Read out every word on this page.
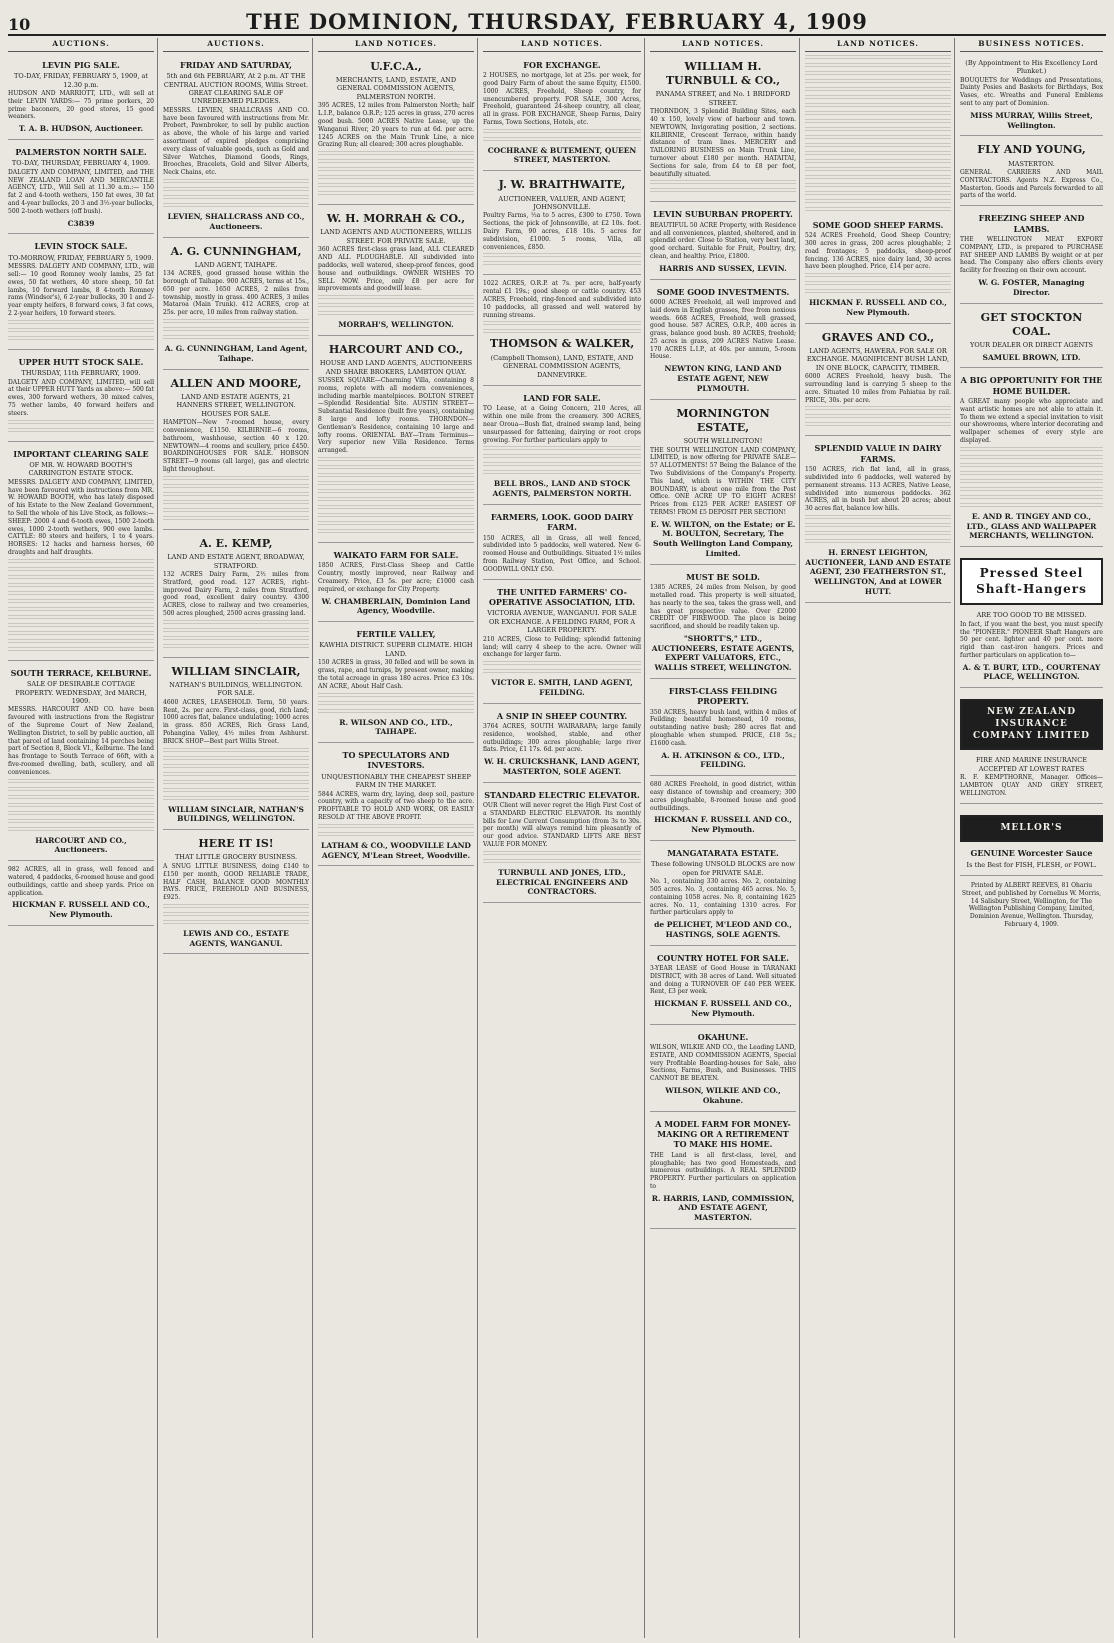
10	THE DOMINION, THURSDAY, FEBRUARY 4, 1909
AUCTIONS.
LEVIN PIG SALE.
TO-DAY, FRIDAY, FEBRUARY 5, 1909, at 12.30 p.m.
HUDSON AND MARRIOTT, LTD., will sell at their LEVIN YARDS:— 75 prime porkers, 20 prime baconers, 20 good stores, 15 good weaners.
T. A. B. HUDSON, Auctioneer.
PALMERSTON NORTH SALE.
TO-DAY, THURSDAY, FEBRUARY 4, 1909.
DALGETY AND COMPANY, LIMITED, and THE NEW ZEALAND LOAN AND MERCANTILE AGENCY, LTD., Will Sell at 11.30 a.m.:— 150 fat 2 and 4-tooth wethers, 150 fat ewes, 30 fat and 4-year bullocks, 20 3 and 3½-year bullocks, 500 2-tooth wethers (off bush).
C3839
LEVIN STOCK SALE.
TO-MORROW, FRIDAY, FEBRUARY 5, 1909.
MESSRS. DALGETY AND COMPANY, LTD., will sell:— 10 good Romney wooly lambs, 25 fat ewes, 50 fat wethers, 40 store sheep, 50 fat lambs, 10 forward lambs, 8 4-tooth Romney rams (Windsor's), 6 2-year bullocks, 30 1 and 2-year empty heifers, 8 forward cows, 3 fat cows, 2 2-year heifers, 10 forward steers.
UPPER HUTT STOCK SALE.
THURSDAY, 11th FEBRUARY, 1909.
DALGETY AND COMPANY, LIMITED, will sell at their UPPER HUTT Yards as above:— 500 fat ewes, 300 forward wethers, 30 mixed calves, 75 wether lambs, 40 forward heifers and steers.
IMPORTANT CLEARING SALE
OF MR. W. HOWARD BOOTH'S CARRINGTON ESTATE STOCK.
MESSRS. DALGETY AND COMPANY, LIMITED, have been favoured with instructions from MR. W. HOWARD BOOTH, who has lately disposed of his Estate to the New Zealand Government, to Sell the whole of his Live Stock, as follows:— SHEEP: 2000 4 and 6-tooth ewes, 1500 2-tooth ewes, 1000 2-tooth wethers, 900 ewe lambs. CATTLE: 80 steers and heifers, 1 to 4 years. HORSES: 12 hacks and harness horses, 60 draughts and half draughts.
SOUTH TERRACE, KELBURNE.
SALE OF DESIRABLE COTTAGE PROPERTY. WEDNESDAY, 3rd MARCH, 1909.
MESSRS. HARCOURT AND CO. have been favoured with instructions from the Registrar of the Supreme Court of New Zealand, Wellington District, to sell by public auction, all that parcel of land containing 14 perches being part of Section 8, Block VI., Kelburne. The land has frontage to South Terrace of 66ft, with a five-roomed dwelling, bath, scullery, and all conveniences.
HARCOURT AND CO., Auctioneers.
982 ACRES, all in grass, well fenced and watered, 4 paddocks, 6-roomed house and good outbuildings, cattle and sheep yards. Price on application.
HICKMAN F. RUSSELL AND CO., New Plymouth.
AUCTIONS.
FRIDAY AND SATURDAY,
5th and 6th FEBRUARY, At 2 p.m. AT THE CENTRAL AUCTION ROOMS, Willis Street. GREAT CLEARING SALE OF UNREDEEMED PLEDGES.
MESSRS. LEVIEN, SHALLCRASS AND CO. have been favoured with instructions from Mr. Probert, Pawnbroker, to sell by public auction as above, the whole of his large and varied assortment of expired pledges comprising every class of valuable goods, such as Gold and Silver Watches, Diamond Goods, Rings, Brooches, Bracelets, Gold and Silver Alberts, Neck Chains, etc.
LEVIEN, SHALLCRASS AND CO., Auctioneers.
A. G. CUNNINGHAM,
LAND AGENT, TAIHAPE.
134 ACRES, good grassed house within the borough of Taihape. 900 ACRES, terms at 15s., 650 per acre. 1650 ACRES, 2 miles from township, mostly in grass. 400 ACRES, 3 miles Mataroa (Main Trunk). 412 ACRES, crop at 25s. per acre, 10 miles from railway station.
A. G. CUNNINGHAM, Land Agent, Taihape.
ALLEN AND MOORE,
LAND AND ESTATE AGENTS, 21 HANNERS STREET, WELLINGTON. HOUSES FOR SALE.
HAMPTON—New 7-roomed house, every convenience, £1150. KILBIRNIE—6 rooms, bathroom, washhouse, section 40 x 120. NEWTOWN—4 rooms and scullery, price £450. BOARDINGHOUSES FOR SALE. HOBSON STREET—9 rooms (all large), gas and electric light throughout.
A. E. KEMP,
LAND AND ESTATE AGENT, BROADWAY, STRATFORD.
132 ACRES Dairy Farm, 2½ miles from Stratford, good road. 127 ACRES, right-improved Dairy Farm, 2 miles from Stratford, good road, excellent dairy country. 4300 ACRES, close to railway and two creameries, 500 acres ploughed, 2500 acres grassing land.
WILLIAM SINCLAIR,
NATHAN'S BUILDINGS, WELLINGTON. FOR SALE.
4600 ACRES, LEASEHOLD. Term, 50 years. Rent, 2s. per acre. First-class, good, rich land; 1000 acres flat, balance undulating; 1000 acres in grass. 850 ACRES, Rich Grass Land, Pohangina Valley, 4½ miles from Ashhurst. BRICK SHOP—Best part Willis Street.
WILLIAM SINCLAIR, NATHAN'S BUILDINGS, WELLINGTON.
HERE IT IS!
THAT LITTLE GROCERY BUSINESS.
A SNUG LITTLE BUSINESS, doing £140 to £150 per month, GOOD RELIABLE TRADE, HALF CASH, BALANCE GOOD MONTHLY PAYS. PRICE, FREEHOLD AND BUSINESS, £925.
LEWIS AND CO., ESTATE AGENTS, WANGANUI.
LAND NOTICES.
U.F.C.A.,
MERCHANTS, LAND, ESTATE, AND GENERAL COMMISSION AGENTS, PALMERSTON NORTH.
395 ACRES, 12 miles from Palmerston North; half L.I.P., balance O.R.P.; 125 acres in grass, 270 acres good bush. 5000 ACRES Native Lease, up the Wanganui River, 20 years to run at 6d. per acre. 1245 ACRES on the Main Trunk Line, a nice Grazing Run; all cleared; 300 acres ploughable.
W. H. MORRAH & CO.,
LAND AGENTS AND AUCTIONEERS, WILLIS STREET. FOR PRIVATE SALE.
360 ACRES first-class grass land, ALL CLEARED AND ALL PLOUGHABLE. All subdivided into paddocks, well watered, sheep-proof fences, good house and outbuildings. OWNER WISHES TO SELL NOW. Price, only £8 per acre for improvements and goodwill lease.
MORRAH'S, WELLINGTON.
HARCOURT AND CO.,
HOUSE AND LAND AGENTS, AUCTIONEERS AND SHARE BROKERS, LAMBTON QUAY.
SUSSEX SQUARE—Charming Villa, containing 8 rooms, replete with all modern conveniences, including marble mantelpieces. BOLTON STREET—Splendid Residential Site. AUSTIN STREET—Substantial Residence (built five years), containing 8 large and lofty rooms. THORNDON—Gentleman's Residence, containing 10 large and lofty rooms. ORIENTAL BAY—Tram Terminus—Very superior new Villa Residence. Terms arranged.
WAIKATO FARM FOR SALE.
1850 ACRES, First-Class Sheep and Cattle Country, mostly improved, near Railway and Creamery. Price, £3 5s. per acre; £1000 cash required, or exchange for City Property.
W. CHAMBERLAIN, Dominion Land Agency, Woodville.
FERTILE VALLEY,
KAWHIA DISTRICT. SUPERB CLIMATE. HIGH LAND.
150 ACRES in grass, 30 felled and will be sown in grass, rape, and turnips, by present owner, making the total acreage in grass 180 acres. Price £3 10s. AN ACRE, About Half Cash.
R. WILSON AND CO., LTD., TAIHAPE.
TO SPECULATORS AND INVESTORS.
UNQUESTIONABLY THE CHEAPEST SHEEP FARM IN THE MARKET.
5844 ACRES, warm dry, laying, deep soil, pasture country, with a capacity of two sheep to the acre. PROFITABLE TO HOLD AND WORK, OR EASILY RESOLD AT THE ABOVE PROFIT.
LATHAM & CO., WOODVILLE LAND AGENCY, M'Lean Street, Woodville.
LAND NOTICES.
FOR EXCHANGE.
2 HOUSES, no mortgage, let at 25s. per week, for good Dairy Farm of about the same Equity, £1500. 1000 ACRES, Freehold, Sheep country, for unencumbered property. FOR SALE, 300 Acres, Freehold, guaranteed 24-sheep country, all clear, all in grass. FOR EXCHANGE, Sheep Farms, Dairy Farms, Town Sections, Hotels, etc.
COCHRANE & BUTEMENT, QUEEN STREET, MASTERTON.
J. W. BRAITHWAITE,
AUCTIONEER, VALUER, AND AGENT, JOHNSONVILLE.
Poultry Farms, ½a to 5 acres, £300 to £750. Town Sections, the pick of Johnsonville, at £2 10s. foot. Dairy Farm, 90 acres, £18 10s. 5 acres for subdivision, £1000. 5 rooms, Villa, all conveniences, £850.
1022 ACRES, O.R.P. at 7s. per acre, half-yearly rental £1 19s.; good sheep or cattle country. 453 ACRES, Freehold, ring-fenced and subdivided into 10 paddocks, all grassed and well watered by running streams.
THOMSON & WALKER,
(Campbell Thomson), LAND, ESTATE, AND GENERAL COMMISSION AGENTS, DANNEVIRKE.
LAND FOR SALE.
TO Lease, at a Going Concern, 210 Acres, all within one mile from the creamery. 300 ACRES, near Oroua—Bush flat, drained swamp land, being unsurpassed for fattening, dairying or root crops growing. For further particulars apply to
BELL BROS., LAND AND STOCK AGENTS, PALMERSTON NORTH.
FARMERS, LOOK. GOOD DAIRY FARM.
150 ACRES, all in Grass, all well fenced, subdivided into 5 paddocks, well watered. New 6-roomed House and Outbuildings. Situated 1½ miles from Railway Station, Post Office, and School. GOODWILL ONLY £50.
THE UNITED FARMERS' CO-OPERATIVE ASSOCIATION, LTD.
VICTORIA AVENUE, WANGANUI. FOR SALE OR EXCHANGE. A FEILDING FARM, FOR A LARGER PROPERTY.
210 ACRES, Close to Feilding; splendid fattening land; will carry 4 sheep to the acre. Owner will exchange for larger farm.
VICTOR E. SMITH, LAND AGENT, FEILDING.
A SNIP IN SHEEP COUNTRY.
3764 ACRES, SOUTH WAIRARAPA; large family residence, woolshed, stable, and other outbuildings; 300 acres ploughable; large river flats. Price, £1 17s. 6d. per acre.
W. H. CRUICKSHANK, LAND AGENT, MASTERTON, SOLE AGENT.
STANDARD ELECTRIC ELEVATOR.
OUR Client will never regret the High First Cost of a STANDARD ELECTRIC ELEVATOR. Its monthly bills for Low Current Consumption (from 3s to 30s. per month) will always remind him pleasantly of our good advice. STANDARD LIFTS ARE BEST VALUE FOR MONEY.
TURNBULL AND JONES, LTD., ELECTRICAL ENGINEERS AND CONTRACTORS.
LAND NOTICES.
WILLIAM H. TURNBULL & CO.,
PANAMA STREET, and No. 1 BRIDFORD STREET.
THORNDON, 3 Splendid Building Sites, each 40 x 150, lovely view of harbour and town. NEWTOWN, Invigorating position, 2 sections. KILBIRNIE, Crescent Terrace, within handy distance of tram lines. MERCERY and TAILORING BUSINESS on Main Trunk Line, turnover about £180 per month. HATAITAI, Sections for sale, from £4 to £8 per foot, beautifully situated.
LEVIN SUBURBAN PROPERTY.
BEAUTIFUL 50 ACRE Property, with Residence and all conveniences, planted, sheltered, and in splendid order. Close to Station, very best land, good orchard. Suitable for Fruit, Poultry, dry, clean, and healthy. Price, £1800.
HARRIS AND SUSSEX, LEVIN.
SOME GOOD INVESTMENTS.
6000 ACRES Freehold, all well improved and laid down in English grasses, free from noxious weeds. 668 ACRES, Freehold, well grassed, good house. 587 ACRES, O.R.P., 400 acres in grass, balance good bush. 89 ACRES, freehold; 25 acres in grass, 209 ACRES Native Lease. 170 ACRES L.I.P., at 40s. per annum, 5-room House.
NEWTON KING, LAND AND ESTATE AGENT, NEW PLYMOUTH.
MORNINGTON ESTATE,
SOUTH WELLINGTON!
THE SOUTH WELLINGTON LAND COMPANY, LIMITED, is now offering for PRIVATE SALE— 57 ALLOTMENTS! 57 Being the Balance of the Two Subdivisions of the Company's Property. This land, which is WITHIN THE CITY BOUNDARY, is about one mile from the Post Office. ONE ACRE UP TO EIGHT ACRES! Prices from £125 PER ACRE! EASIEST OF TERMS! FROM £5 DEPOSIT PER SECTION!
E. W. WILTON, on the Estate; or E. M. BOULTON, Secretary, The South Wellington Land Company, Limited.
MUST BE SOLD.
1385 ACRES, 24 miles from Nelson, by good metalled road. This property is well situated, has nearly to the sea, takes the grass well, and has great prospective value. Over £2000 CREDIT OF FIREWOOD. The place is being sacrificed, and should be readily taken up.
"SHORTT'S," LTD., AUCTIONEERS, ESTATE AGENTS, EXPERT VALUATORS, ETC., WALLIS STREET, WELLINGTON.
FIRST-CLASS FEILDING PROPERTY.
350 ACRES, heavy bush land, within 4 miles of Feilding; beautiful homestead, 10 rooms, outstanding native bush; 280 acres flat and ploughable when stumped. PRICE, £18 5s.; £1600 cash.
A. H. ATKINSON & CO., LTD., FEILDING.
680 ACRES Freehold, in good district, within easy distance of township and creamery; 300 acres ploughable, 8-roomed house and good outbuildings.
HICKMAN F. RUSSELL AND CO., New Plymouth.
MANGATARATA ESTATE.
These following UNSOLD BLOCKS are now open for PRIVATE SALE.
No. 1, containing 330 acres. No. 2, containing 505 acres. No. 3, containing 465 acres. No. 5, containing 1058 acres. No. 8, containing 1625 acres. No. 11, containing 1310 acres. For further particulars apply to
de PELICHET, M'LEOD AND CO., HASTINGS, SOLE AGENTS.
COUNTRY HOTEL FOR SALE.
3-YEAR LEASE of Good House in TARANAKI DISTRICT, with 38 acres of Land. Well situated and doing a TURNOVER OF £40 PER WEEK. Rent, £3 per week.
HICKMAN F. RUSSELL AND CO., New Plymouth.
OKAHUNE.
WILSON, WILKIE AND CO., the Leading LAND, ESTATE, AND COMMISSION AGENTS, Special very Profitable Boarding-houses for Sale, also Sections, Farms, Bush, and Businesses. THIS CANNOT BE BEATEN.
WILSON, WILKIE AND CO., Okahune.
A MODEL FARM FOR MONEY-MAKING OR A RETIREMENT TO MAKE HIS HOME.
THE Land is all first-class, level, and ploughable; has two good Homesteads, and numerous outbuildings. A REAL SPLENDID PROPERTY. Further particulars on application to
R. HARRIS, LAND, COMMISSION, AND ESTATE AGENT, MASTERTON.
LAND NOTICES.
SOME GOOD SHEEP FARMS.
524 ACRES Freehold, Good Sheep Country; 300 acres in grass, 200 acres ploughable; 2 road frontages; 5 paddocks, sheep-proof fencing. 136 ACRES, nice dairy land, 30 acres have been ploughed. Price, £14 per acre.
HICKMAN F. RUSSELL AND CO., New Plymouth.
GRAVES AND CO.,
LAND AGENTS, HAWERA. FOR SALE OR EXCHANGE. MAGNIFICENT BUSH LAND, IN ONE BLOCK, CAPACITY, TIMBER.
6000 ACRES Freehold, heavy bush. The surrounding land is carrying 5 sheep to the acre. Situated 10 miles from Pahiatua by rail. PRICE, 30s. per acre.
SPLENDID VALUE IN DAIRY FARMS.
150 ACRES, rich flat land, all in grass, subdivided into 6 paddocks, well watered by permanent streams. 113 ACRES, Native Lease, subdivided into numerous paddocks. 362 ACRES, all in bush but about 20 acres; about 30 acres flat, balance low hills.
H. ERNEST LEIGHTON, AUCTIONEER, LAND AND ESTATE AGENT, 230 FEATHERSTON ST., WELLINGTON, And at LOWER HUTT.
BUSINESS NOTICES.
(By Appointment to His Excellency Lord Plunket.)
BOUQUETS for Weddings and Presentations, Dainty Posies and Baskets for Birthdays, Box Vases, etc. Wreaths and Funeral Emblems sent to any part of Dominion.
MISS MURRAY, Willis Street, Wellington.
FLY AND YOUNG,
MASTERTON.
GENERAL CARRIERS AND MAIL CONTRACTORS. Agents N.Z. Express Co., Masterton. Goods and Parcels forwarded to all parts of the world.
FREEZING SHEEP AND LAMBS.
THE WELLINGTON MEAT EXPORT COMPANY, LTD., is prepared to PURCHASE FAT SHEEP AND LAMBS By weight or at per head. The Company also offers clients every facility for freezing on their own account.
W. G. FOSTER, Managing Director.
GET STOCKTON COAL.
YOUR DEALER OR DIRECT AGENTS
SAMUEL BROWN, LTD.
A BIG OPPORTUNITY FOR THE HOME BUILDER.
A GREAT many people who appreciate and want artistic homes are not able to attain it. To them we extend a special invitation to visit our showrooms, where interior decorating and wallpaper schemes of every style are displayed.
E. AND R. TINGEY AND CO., LTD., GLASS AND WALLPAPER MERCHANTS, WELLINGTON.
Pressed Steel Shaft-Hangers
ARE TOO GOOD TO BE MISSED.
In fact, if you want the best, you must specify the "PIONEER." PIONEER Shaft Hangers are 50 per cent. lighter and 40 per cent. more rigid than cast-iron hangers. Prices and further particulars on application to—
A. & T. BURT, LTD., COURTENAY PLACE, WELLINGTON.
NEW ZEALAND INSURANCE COMPANY LIMITED
FIRE AND MARINE INSURANCE ACCEPTED AT LOWEST RATES
R. F. KEMPTHORNE, Manager. Offices—LAMBTON QUAY AND GREY STREET, WELLINGTON.
MELLOR'S
GENUINE Worcester Sauce
Is the Best for FISH, FLESH, or FOWL.
Printed by ALBERT REEVES, 81 Ohariu Street, and published by Cornelius W. Morris, 14 Salisbury Street, Wellington, for The Wellington Publishing Company, Limited, Dominion Avenue, Wellington. Thursday, February 4, 1909.
